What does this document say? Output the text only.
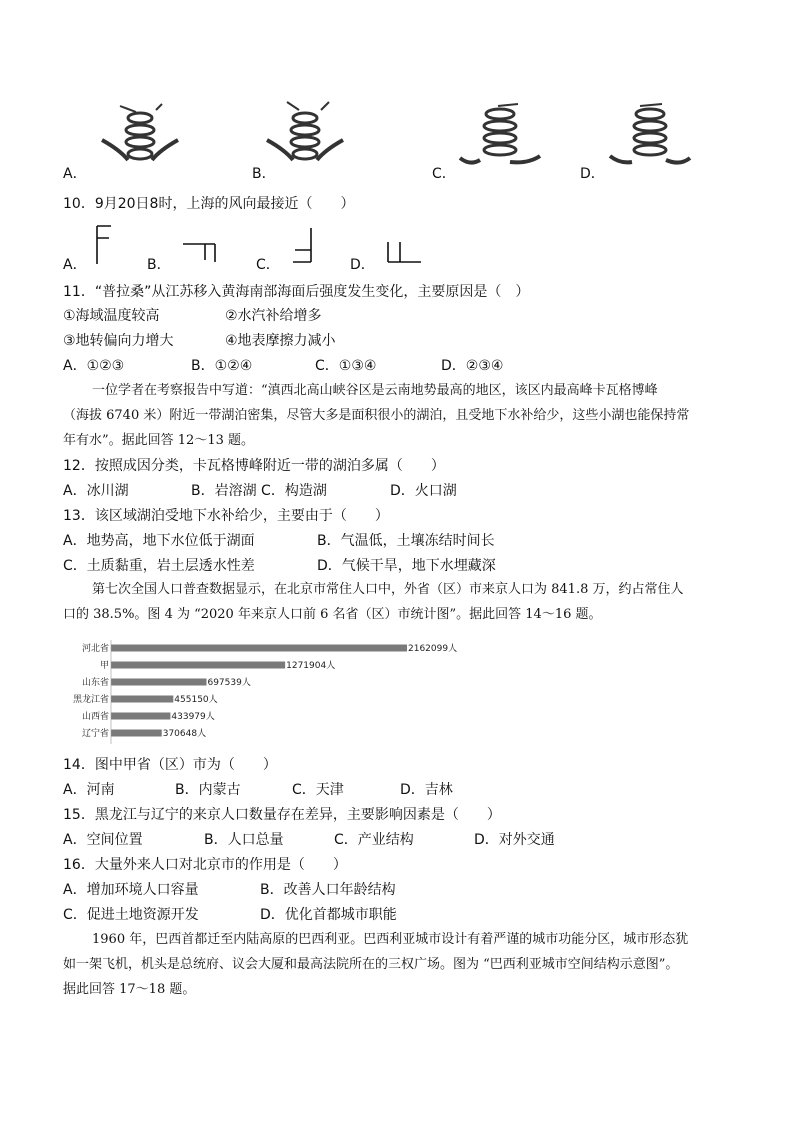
A．	B．	C．	D．
10．9月20日8时，上海的风向最接近（　　）
A．	B．	C．	D．
11．“普拉桑”从江苏移入黄海南部海面后强度发生变化，主要原因是（　）
①海域温度较高	②水汽补给增多
③地转偏向力增大	④地表摩擦力减小
A．①②③	B．①②④	C．①③④	D．②③④
一位学者在考察报告中写道：“滇西北高山峡谷区是云南地势最高的地区，该区内最高峰卡瓦格博峰
（海拔 6740 米）附近一带湖泊密集，尽管大多是面积很小的湖泊，且受地下水补给少，这些小湖也能保持常
年有水”。据此回答 12～13 题。
12．按照成因分类，卡瓦格博峰附近一带的湖泊多属（　　）
A．冰川湖	B．岩溶湖 C．构造湖	D．火口湖
13．该区域湖泊受地下水补给少，主要由于（　　）
A．地势高，地下水位低于湖面	B．气温低，土壤冻结时间长
C．土质黏重，岩土层透水性差	D．气候干旱，地下水埋藏深
第七次全国人口普查数据显示，在北京市常住人口中，外省（区）市来京人口为 841.8 万，约占常住人
口的 38.5%。图 4 为 “2020 年来京人口前 6 名省（区）市统计图”。据此回答 14～16 题。
河北省	2162099人
甲	1271904人
山东省	697539人
黑龙江省	455150人
山西省	433979人
辽宁省	370648人
14．图中甲省（区）市为（　　）
A．河南	B．内蒙古	C．天津	D．吉林
15．黑龙江与辽宁的来京人口数量存在差异，主要影响因素是（　　）
A．空间位置	B．人口总量	C．产业结构	D．对外交通
16．大量外来人口对北京市的作用是（　　）
A．增加环境人口容量	B．改善人口年龄结构
C．促进土地资源开发	D．优化首都城市职能
1960 年，巴西首都迁至内陆高原的巴西利亚。巴西利亚城市设计有着严谨的城市功能分区，城市形态犹
如一架飞机，机头是总统府、议会大厦和最高法院所在的三权广场。图为 “巴西利亚城市空间结构示意图”。
据此回答 17～18 题。
